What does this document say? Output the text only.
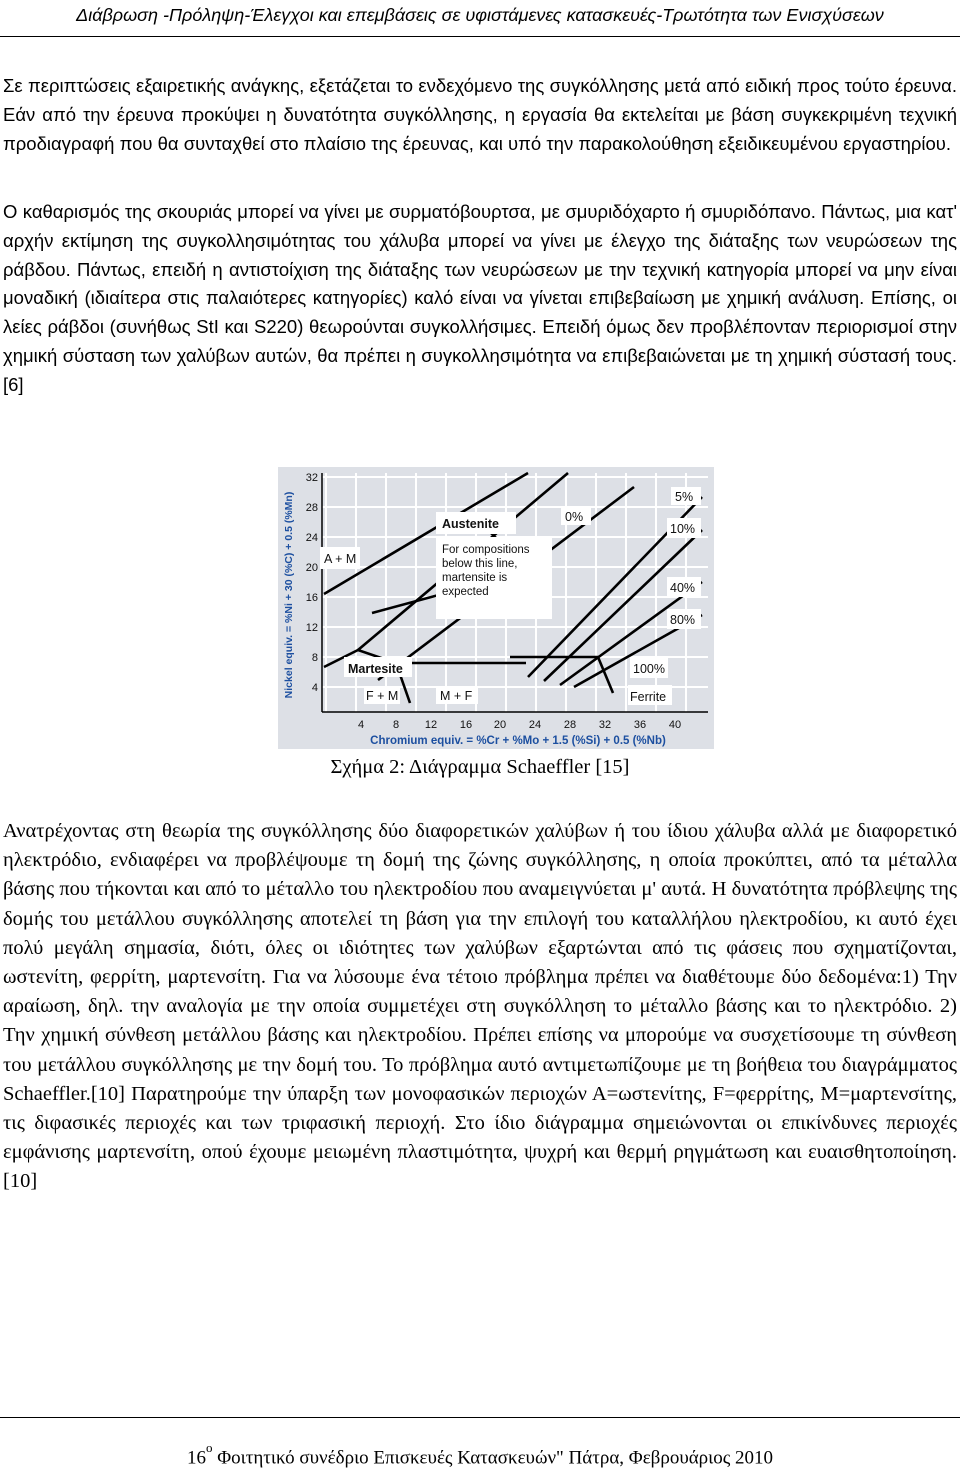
Διάβρωση -Πρόληψη-Έλεγχοι και επεμβάσεις σε υφιστάμενες κατασκευές-Τρωτότητα των Ενισχύσεων

Σε περιπτώσεις εξαιρετικής ανάγκης, εξετάζεται το ενδεχόμενο της συγκόλλησης μετά από ειδική προς τούτο έρευνα. Εάν από την έρευνα προκύψει η δυνατότητα συγκόλλησης, η εργασία θα εκτελείται με βάση συγκεκριμένη τεχνική προδιαγραφή που θα συνταχθεί στο πλαίσιο της έρευνας, και υπό την παρακολούθηση εξειδικευμένου εργαστηρίου.

Ο καθαρισμός της σκουριάς μπορεί να γίνει με συρματόβουρτσα, με σμυριδόχαρτο ή σμυριδόπανο. Πάντως, μια κατ' αρχήν εκτίμηση της συγκολλησιμότητας του χάλυβα μπορεί να γίνει με έλεγχο της διάταξης των νευρώσεων της ράβδου. Πάντως, επειδή η αντιστοίχιση της διάταξης των νευρώσεων με την τεχνική κατηγορία μπορεί να μην είναι μοναδική (ιδιαίτερα στις παλαιότερες κατηγορίες) καλό είναι να γίνεται επιβεβαίωση με χημική ανάλυση. Επίσης, οι λείες ράβδοι (συνήθως StI και S220) θεωρούνται συγκολλήσιμες. Επειδή όμως δεν προβλέπονταν περιορισμοί στην χημική σύσταση των χαλύβων αυτών, θα πρέπει η συγκολλησιμότητα να επιβεβαιώνεται με τη χημική σύστασή τους.[6]

Austenite
For compositions
below this line,
martensite is
expected
A + M
Martesite
F + M	M + F	Ferrite
0%
5%
10%
40%
80%
100%
32
28
24
20
16
12
8
4
4	8 12 16 20 24 28 32 36 40
Chromium equiv. = %Cr + %Mo + 1.5 (%Si) + 0.5 (%Nb)
Nickel equiv. = %Ni + 30 (%C) + 0.5 (%Mn)
Σχήμα 2: Διάγραμμα Schaeffler [15]

Ανατρέχοντας στη θεωρία της συγκόλλησης δύο διαφορετικών χαλύβων ή του ίδιου χάλυβα αλλά με διαφορετικό ηλεκτρόδιο, ενδιαφέρει να προβλέψουμε τη δομή της ζώνης συγκόλλησης, η οποία προκύπτει, από τα μέταλλα βάσης που τήκονται και από το μέταλλο του ηλεκτροδίου που αναμειγνύεται μ' αυτά. Η δυνατότητα πρόβλεψης της δομής του μετάλλου συγκόλλησης αποτελεί τη βάση για την επιλογή του καταλλήλου ηλεκτροδίου, κι αυτό έχει πολύ μεγάλη σημασία, διότι, όλες οι ιδιότητες των χαλύβων εξαρτώνται από τις φάσεις που σχηματίζονται, ωστενίτη, φερρίτη, μαρτενσίτη. Για να λύσουμε ένα τέτοιο πρόβλημα πρέπει να διαθέτουμε δύο δεδομένα:1) Την αραίωση, δηλ. την αναλογία με την οποία συμμετέχει στη συγκόλληση το μέταλλο βάσης και το ηλεκτρόδιο. 2) Την χημική σύνθεση μετάλλου βάσης και ηλεκτροδίου. Πρέπει επίσης να μπορούμε να συσχετίσουμε τη σύνθεση του μετάλλου συγκόλλησης με την δομή του. Το πρόβλημα αυτό αντιμετωπίζουμε με τη βοήθεια του διαγράμματος Schaeffler.[10] Παρατηρούμε την ύπαρξη των μονοφασικών περιοχών Α=ωστενίτης, F=φερρίτης, M=μαρτενσίτης, τις διφασικές περιοχές και των τριφασική περιοχή. Στο ίδιο διάγραμμα σημειώνονται οι επικίνδυνες περιοχές εμφάνισης μαρτενσίτη, οπού έχουμε μειωμένη πλαστιμότητα, ψυχρή και θερμή ρηγμάτωση και ευαισθητοποίηση. [10]

$16^o$ Φοιτητικό συνέδριο Επισκευές Κατασκευών" Πάτρα, Φεβρουάριος 2010
